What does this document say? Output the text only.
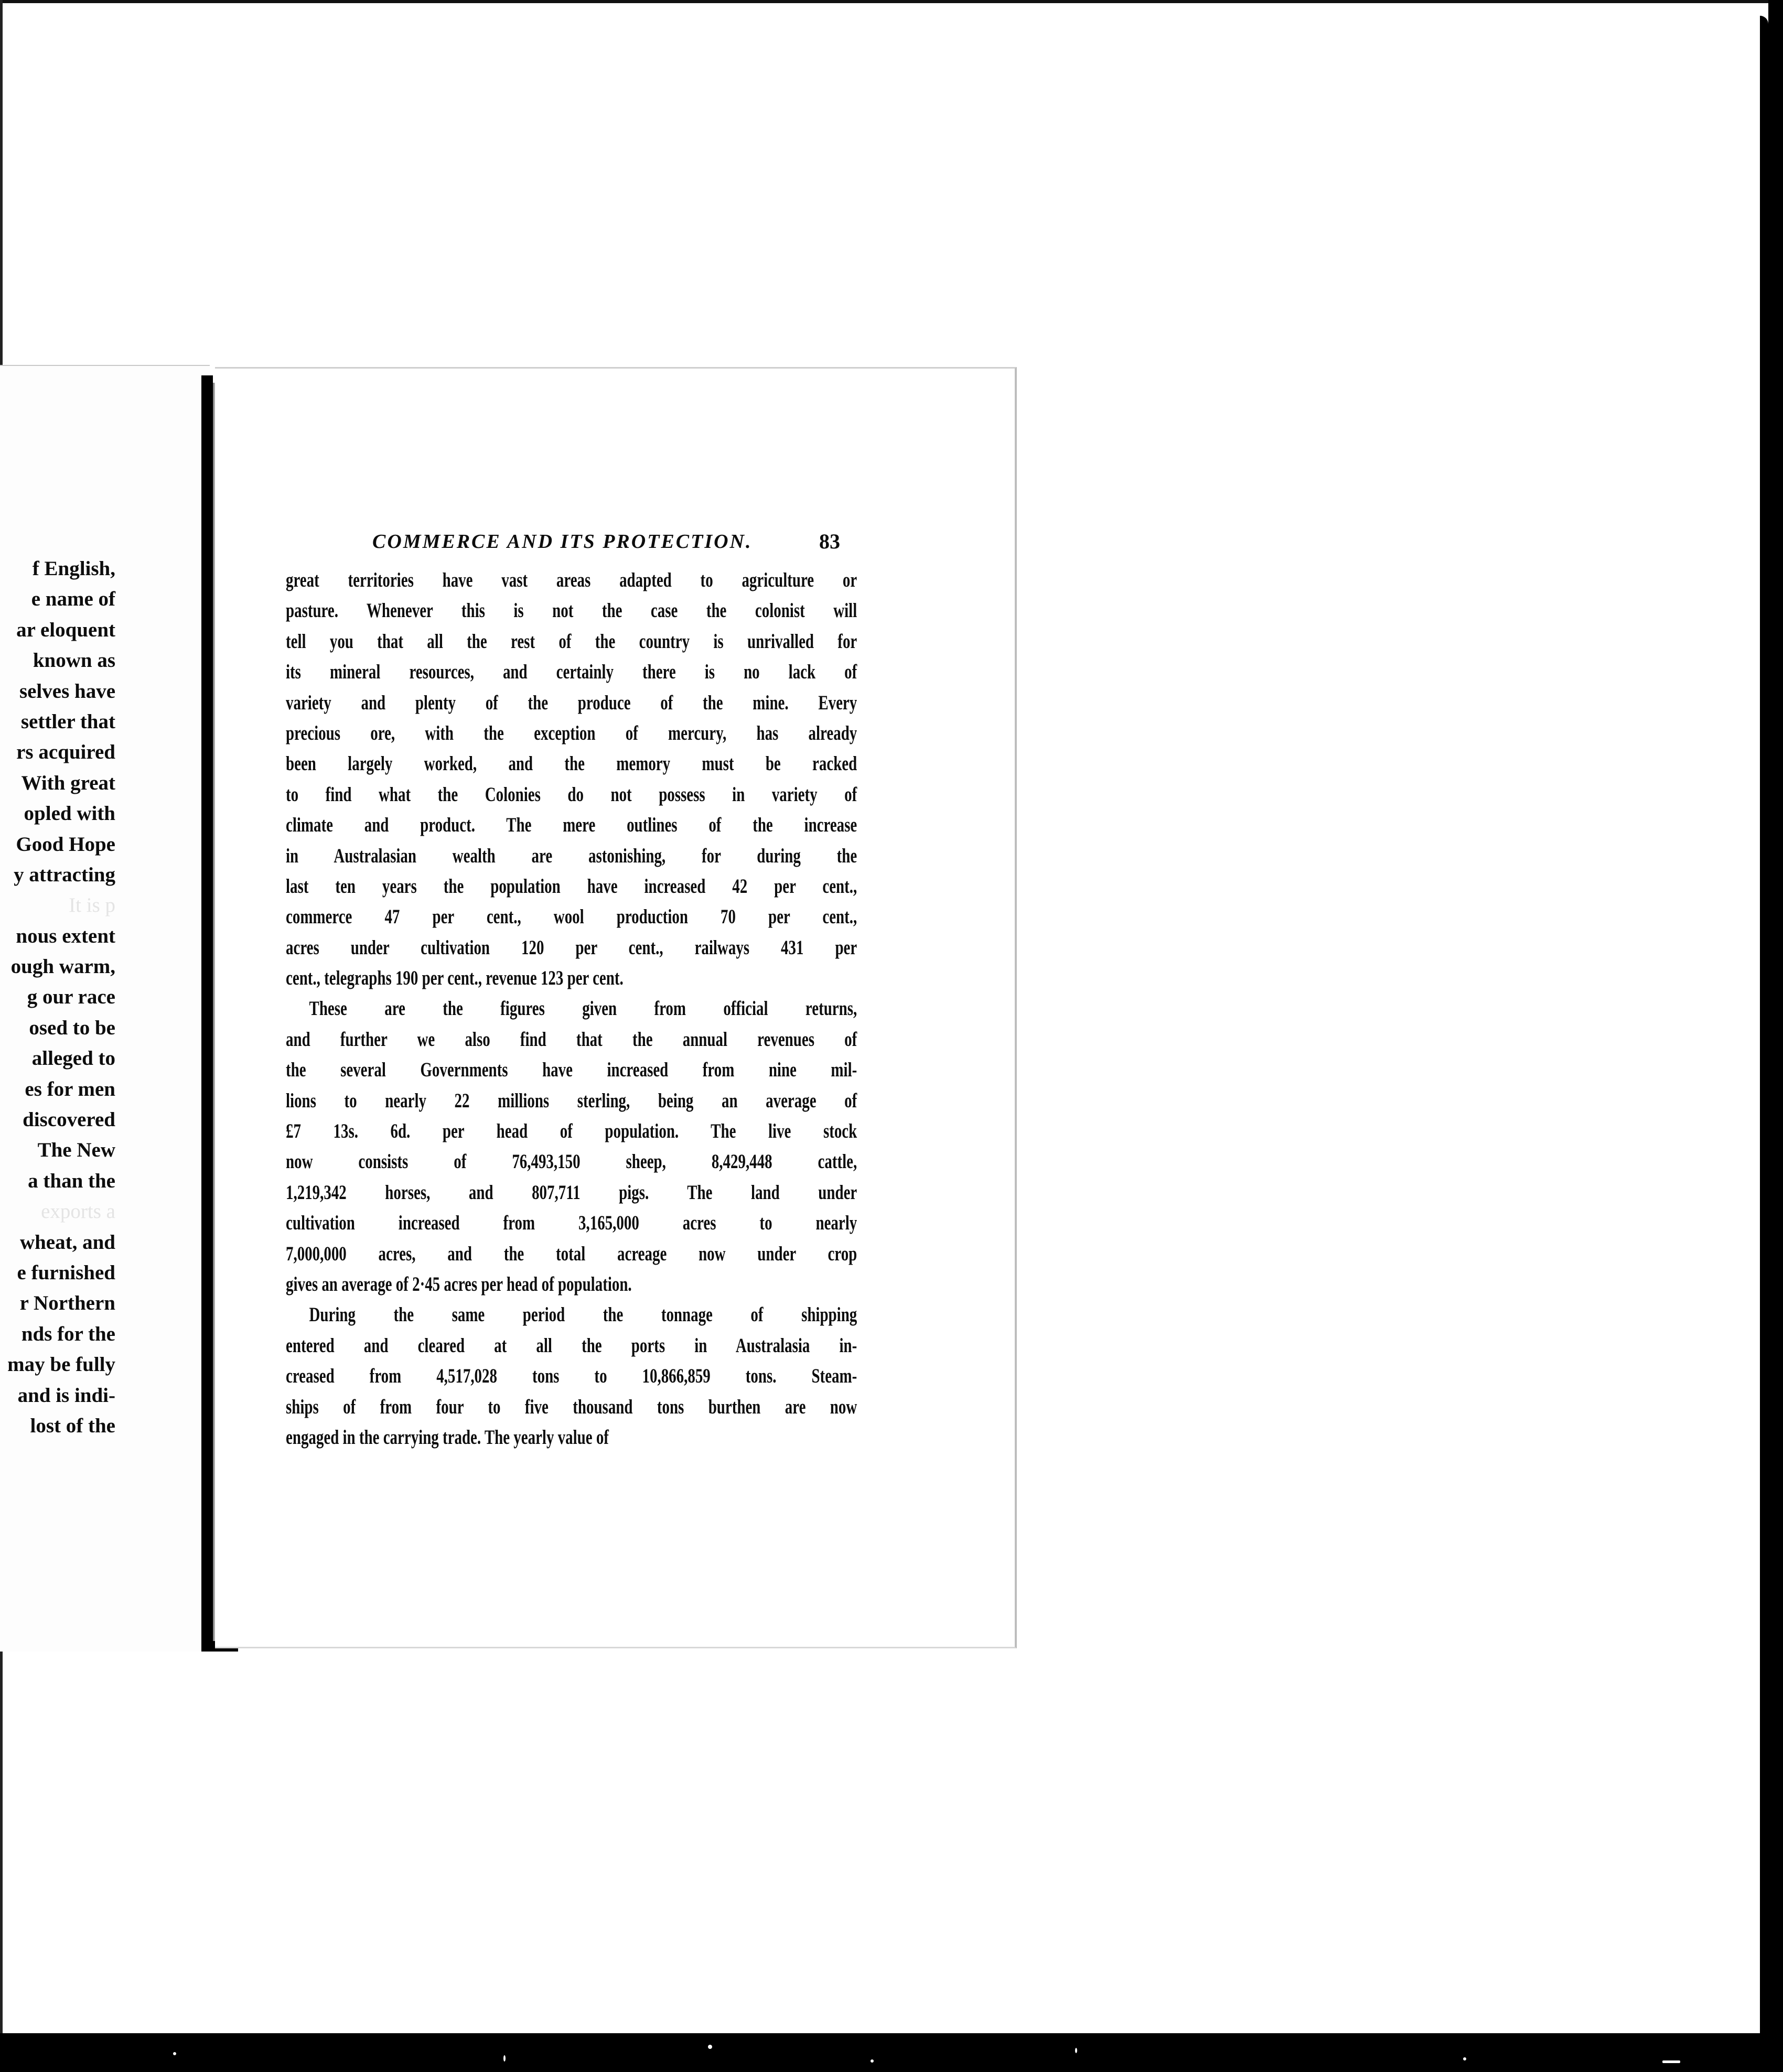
f English,
e name of
ar eloquent
known as
selves have
settler that
rs acquired
With great
opled with
Good Hope
y attracting
It is p
nous extent
ough warm,
g our race
osed to be
alleged to
es for men
discovered
The New
a than the
exports a
wheat, and
e furnished
r Northern
nds for the
may be fully
and is indi-
lost of the
COMMERCE AND ITS PROTECTION.	83
great territories have vast areas adapted to agriculture or
pasture. Whenever this is not the case the colonist will
tell you that all the rest of the country is unrivalled for
its mineral resources, and certainly there is no lack of
variety and plenty of the produce of the mine. Every
precious ore, with the exception of mercury, has already
been largely worked, and the memory must be racked
to find what the Colonies do not possess in variety of
climate and product. The mere outlines of the increase
in Australasian wealth are astonishing, for during the
last ten years the population have increased 42 per cent.,
commerce 47 per cent., wool production 70 per cent.,
acres under cultivation 120 per cent., railways 431 per
cent., telegraphs 190 per cent., revenue 123 per cent.
These are the figures given from official returns,
and further we also find that the annual revenues of
the several Governments have increased from nine mil-
lions to nearly 22 millions sterling, being an average of
£7 13s. 6d. per head of population. The live stock
now consists of 76,493,150 sheep, 8,429,448 cattle,
1,219,342 horses, and 807,711 pigs. The land under
cultivation increased from 3,165,000 acres to nearly
7,000,000 acres, and the total acreage now under crop
gives an average of 2·45 acres per head of population.
During the same period the tonnage of shipping
entered and cleared at all the ports in Australasia in-
creased from 4,517,028 tons to 10,866,859 tons. Steam-
ships of from four to five thousand tons burthen are now
engaged in the carrying trade. The yearly value of
